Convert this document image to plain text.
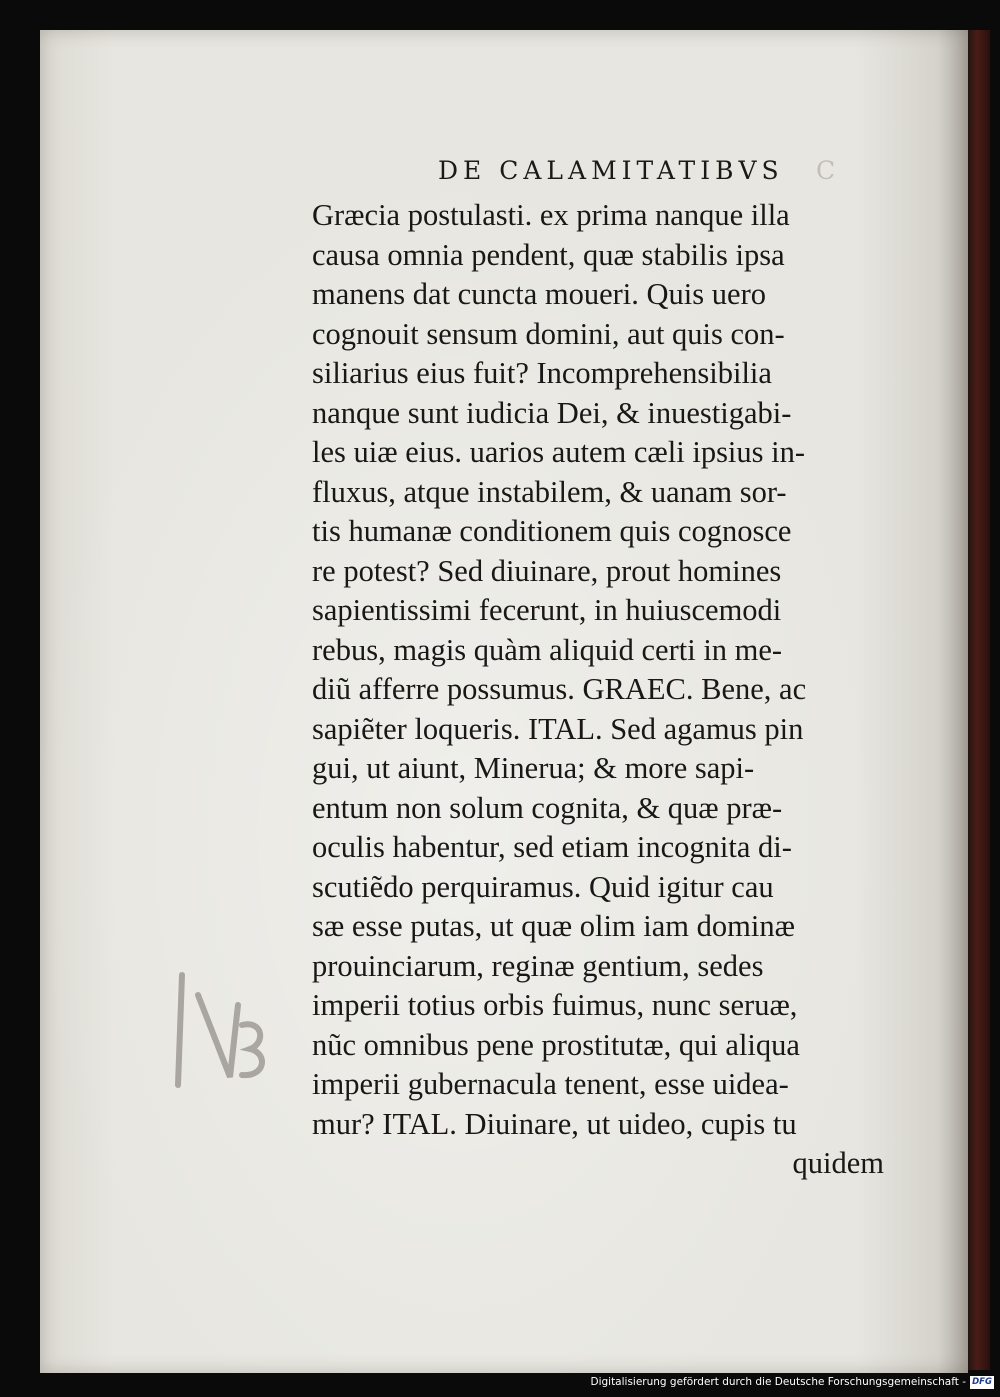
DE CALAMITATIBVS C
Græcia postulasti. ex prima nanque illa
causa omnia pendent, quæ stabilis ipsa
manens dat cuncta moueri. Quis uero
cognouit sensum domini, aut quis con-
siliarius eius fuit? Incomprehensibilia
nanque sunt iudicia Dei, & inuestigabi-
les uiæ eius. uarios autem cæli ipsius in-
fluxus, atque instabilem, & uanam sor-
tis humanæ conditionem quis cognosce
re potest? Sed diuinare, prout homines
sapientissimi fecerunt, in huiuscemodi
rebus, magis quàm aliquid certi in me-
diũ afferre possumus. GRAEC. Bene, ac
sapiẽter loqueris. ITAL. Sed agamus pin
gui, ut aiunt, Minerua; & more sapi-
entum non solum cognita, & quæ præ-
oculis habentur, sed etiam incognita di-
scutiẽdo perquiramus. Quid igitur cau
sæ esse putas, ut quæ olim iam dominæ
prouinciarum, reginæ gentium, sedes
imperii totius orbis fuimus, nunc seruæ,
nũc omnibus pene prostitutæ, qui aliqua
imperii gubernacula tenent, esse uidea-
mur? ITAL. Diuinare, ut uideo, cupis tu
quidem
Digitalisierung gefördert durch die Deutsche Forschungsgemeinschaft - DFG
